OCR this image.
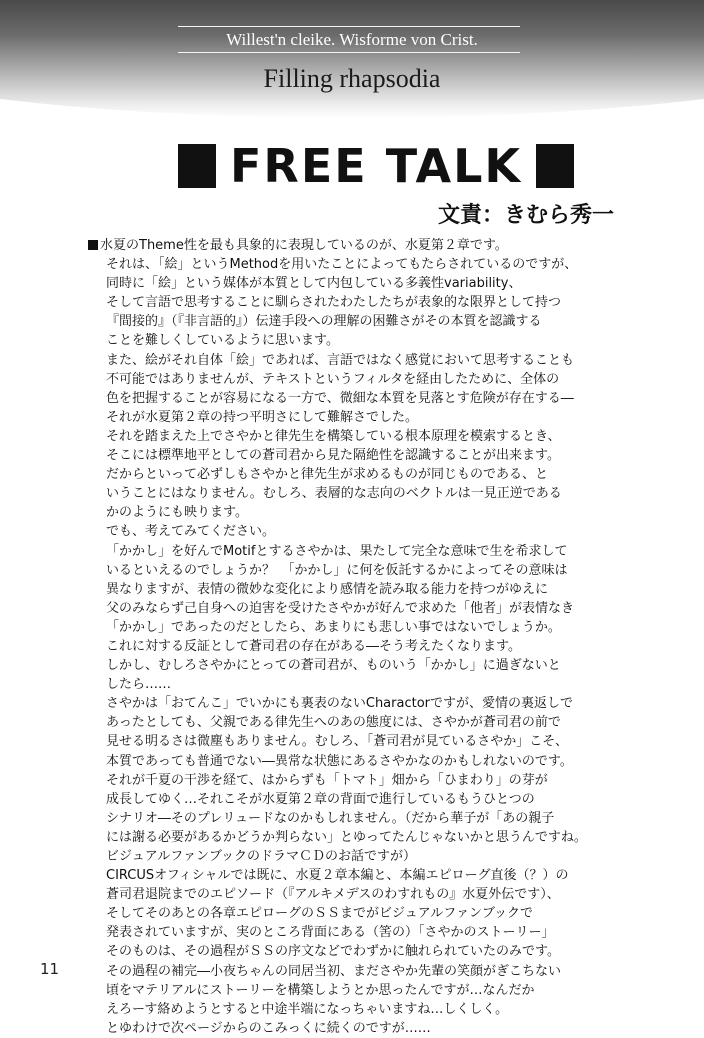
Willest'n cleike. Wisforme von Crist.
Filling rhapsodia
FREE TALK
文責：きむら秀一
水夏のTheme性を最も具象的に表現しているのが、水夏第２章です。
それは、「絵」というMethodを用いたことによってもたらされているのですが、
同時に「絵」という媒体が本質として内包している多義性variability、
そして言語で思考することに馴らされたわたしたちが表象的な限界として持つ
『間接的』（『非言語的』）伝達手段への理解の困難さがその本質を認識する
ことを難しくしているように思います。
また、絵がそれ自体「絵」であれば、言語ではなく感覚において思考することも
不可能ではありませんが、テキストというフィルタを経由したために、全体の
色を把握することが容易になる一方で、微細な本質を見落とす危険が存在する―
それが水夏第２章の持つ平明さにして難解さでした。
それを踏まえた上でさやかと律先生を構築している根本原理を模索するとき、
そこには標準地平としての蒼司君から見た隔絶性を認識することが出来ます。
だからといって必ずしもさやかと律先生が求めるものが同じものである、と
いうことにはなりません。むしろ、表層的な志向のベクトルは一見正逆である
かのようにも映ります。
でも、考えてみてください。
「かかし」を好んでMotifとするさやかは、果たして完全な意味で生を希求して
いるといえるのでしょうか？　「かかし」に何を仮託するかによってその意味は
異なりますが、表情の微妙な変化により感情を読み取る能力を持つがゆえに
父のみならず己自身への迫害を受けたさやかが好んで求めた「他者」が表情なき
「かかし」であったのだとしたら、あまりにも悲しい事ではないでしょうか。
これに対する反証として蒼司君の存在がある―そう考えたくなります。
しかし、むしろさやかにとっての蒼司君が、ものいう「かかし」に過ぎないと
したら……
さやかは「おてんこ」でいかにも裏表のないCharactorですが、愛情の裏返しで
あったとしても、父親である律先生へのあの態度には、さやかが蒼司君の前で
見せる明るさは微塵もありません。むしろ、「蒼司君が見ているさやか」こそ、
本質であっても普通でない―異常な状態にあるさやかなのかもしれないのです。
それが千夏の干渉を経て、はからずも「トマト」畑から「ひまわり」の芽が
成長してゆく…それこそが水夏第２章の背面で進行しているもうひとつの
シナリオ―そのプレリュードなのかもしれません。（だから華子が「あの親子
には謝る必要があるかどうか判らない」とゆってたんじゃないかと思うんですね。
ビジュアルファンブックのドラマＣＤのお話ですが）
CIRCUSオフィシャルでは既に、水夏２章本編と、本編エピローグ直後（？）の
蒼司君退院までのエピソード（『アルキメデスのわすれもの』水夏外伝です）、
そしてそのあとの各章エピローグのＳＳまでがビジュアルファンブックで
発表されていますが、実のところ背面にある（筈の）「さやかのストーリー」
そのものは、その過程がＳＳの序文などでわずかに触れられていたのみです。
その過程の補完―小夜ちゃんの同居当初、まださやか先輩の笑顔がぎこちない
頃をマテリアルにストーリーを構築しようとか思ったんですが…なんだか
えろーす絡めようとすると中途半端になっちゃいますね…しくしく。
とゆわけで次ページからのこみっくに続くのですが……
11
